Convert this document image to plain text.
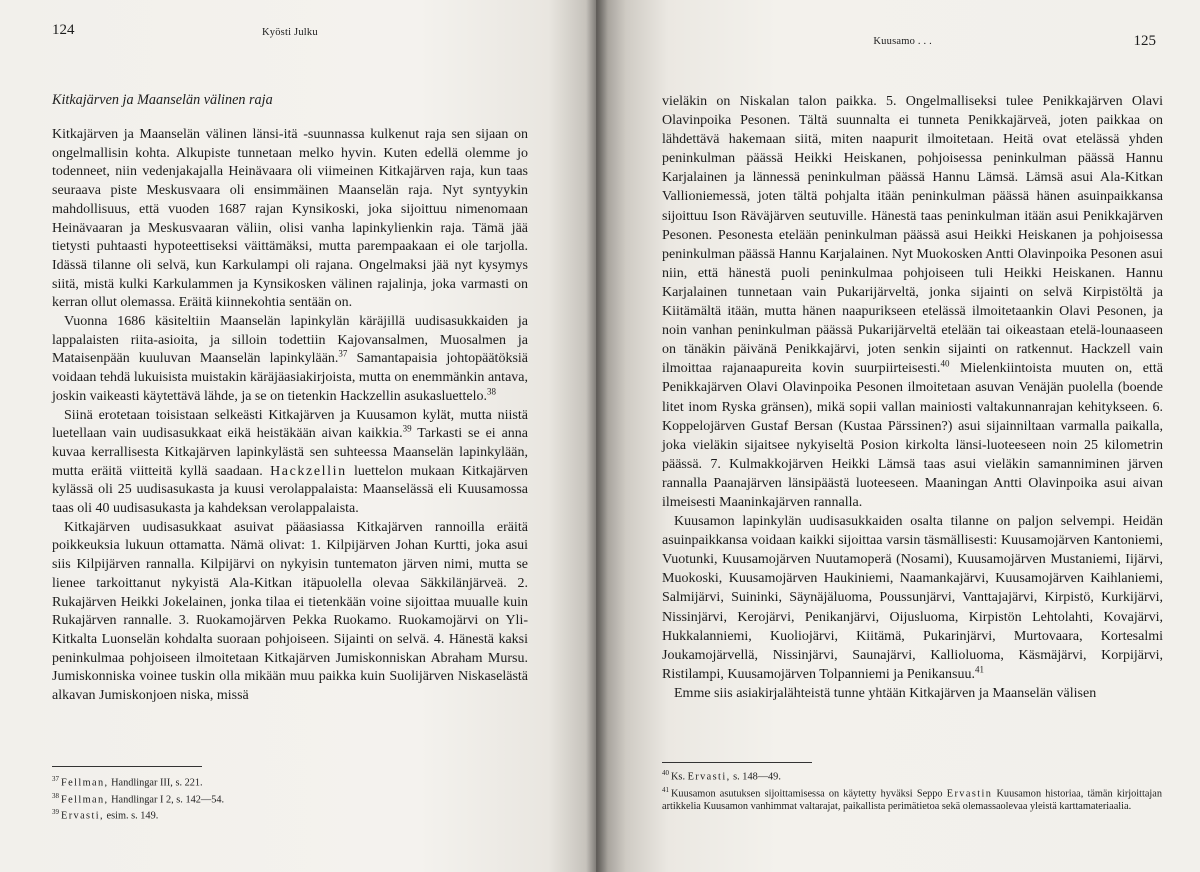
124	Kyösti Julku
Kitkajärven ja Maanselän välinen raja

Kitkajärven ja Maanselän välinen länsi-itä -suunnassa kulkenut raja sen sijaan on ongelmallisin kohta. Alkupiste tunnetaan melko hyvin. Kuten edellä olemme jo todenneet, niin vedenjakajalla Heinävaara oli viimeinen Kitkajärven raja, kun taas seuraava piste Meskusvaara oli ensimmäinen Maanselän raja. Nyt syntyykin mahdollisuus, että vuoden 1687 rajan Kynsikoski, joka sijoittuu nimenomaan Heinävaaran ja Meskusvaaran väliin, olisi vanha lapinkylienkin raja. Tämä jää tietysti puhtaasti hypoteettiseksi väittämäksi, mutta parempaakaan ei ole tarjolla. Idässä tilanne oli selvä, kun Karkulampi oli rajana. Ongelmaksi jää nyt kysymys siitä, mistä kulki Karkulammen ja Kynsikosken välinen rajalinja, joka varmasti on kerran ollut olemassa. Eräitä kiinnekohtia sentään on.

Vuonna 1686 käsiteltiin Maanselän lapinkylän käräjillä uudisasukkaiden ja lappalaisten riita-asioita, ja silloin todettiin Kajovansalmen, Muosalmen ja Mataisenpään kuuluvan Maanselän lapinkylään.$^{37}$ Samantapaisia johtopäätöksiä voidaan tehdä lukuisista muistakin käräjäasiakirjoista, mutta on enemmänkin antava, joskin vaikeasti käytettävä lähde, ja se on tietenkin Hackzellin asukasluettelo.$^{38}$

Siinä erotetaan toisistaan selkeästi Kitkajärven ja Kuusamon kylät, mutta niistä luetellaan vain uudisasukkaat eikä heistäkään aivan kaikkia.$^{39}$ Tarkasti se ei anna kuvaa kerrallisesta Kitkajärven lapinkylästä sen suhteessa Maanselän lapinkylään, mutta eräitä viitteitä kyllä saadaan. Hackzellin luettelon mukaan Kitkajärven kylässä oli 25 uudisasukasta ja kuusi verolappalaista: Maanselässä eli Kuusamossa taas oli 40 uudisasukasta ja kahdeksan verolappalaista.

Kitkajärven uudisasukkaat asuivat pääasiassa Kitkajärven rannoilla eräitä poikkeuksia lukuun ottamatta. Nämä olivat: 1. Kilpijärven Johan Kurtti, joka asui siis Kilpijärven rannalla. Kilpijärvi on nykyisin tuntematon järven nimi, mutta se lienee tarkoittanut nykyistä Ala-Kitkan itäpuolella olevaa Säkkilänjärveä. 2. Rukajärven Heikki Jokelainen, jonka tilaa ei tietenkään voine sijoittaa muualle kuin Rukajärven rannalle. 3. Ruokamojärven Pekka Ruokamo. Ruokamojärvi on Yli-Kitkalta Luonselän kohdalta suoraan pohjoiseen. Sijainti on selvä. 4. Hänestä kaksi peninkulmaa pohjoiseen ilmoitetaan Kitkajärven Jumiskonniskan Abraham Mursu. Jumiskonniska voinee tuskin olla mikään muu paikka kuin Suolijärven Niskaselästä alkavan Jumiskonjoen niska, missä

$^{37}$ Fellman, Handlingar III, s. 221.

$^{38}$ Fellman, Handlingar I 2, s. 142—54.

$^{39}$ Ervasti, esim. s. 149.

Kuusamo . . .	125

vieläkin on Niskalan talon paikka. 5. Ongelmalliseksi tulee Penikkajärven Olavi Olavinpoika Pesonen. Tältä suunnalta ei tunneta Penikkajärveä, joten paikkaa on lähdettävä hakemaan siitä, miten naapurit ilmoitetaan. Heitä ovat etelässä yhden peninkulman päässä Heikki Heiskanen, pohjoisessa peninkulman päässä Hannu Karjalainen ja lännessä peninkulman päässä Hannu Lämsä. Lämsä asui Ala-Kitkan Vallioniemessä, joten tältä pohjalta itään peninkulman päässä hänen asuinpaikkansa sijoittuu Ison Räväjärven seutuville. Hänestä taas peninkulman itään asui Penikkajärven Pesonen. Pesonesta etelään peninkulman päässä asui Heikki Heiskanen ja pohjoisessa peninkulman päässä Hannu Karjalainen. Nyt Muokosken Antti Olavinpoika Pesonen asui niin, että hänestä puoli peninkulmaa pohjoiseen tuli Heikki Heiskanen. Hannu Karjalainen tunnetaan vain Pukarijärveltä, jonka sijainti on selvä Kirpistöltä ja Kiitämältä itään, mutta hänen naapurikseen etelässä ilmoitetaankin Olavi Pesonen, ja noin vanhan peninkulman päässä Pukarijärveltä etelään tai oikeastaan etelä-lounaaseen on tänäkin päivänä Penikkajärvi, joten senkin sijainti on ratkennut. Hackzell vain ilmoittaa rajanaapureita kovin suurpiirteisesti.$^{40}$ Mielenkiintoista muuten on, että Penikkajärven Olavi Olavinpoika Pesonen ilmoitetaan asuvan Venäjän puolella (boende litet inom Ryska gränsen), mikä sopii vallan mainiosti valtakunnanrajan kehitykseen. 6. Koppelojärven Gustaf Bersan (Kustaa Pärssinen?) asui sijainniltaan varmalla paikalla, joka vieläkin sijaitsee nykyiseltä Posion kirkolta länsi-luoteeseen noin 25 kilometrin päässä. 7. Kulmakkojärven Heikki Lämsä taas asui vieläkin samanniminen järven rannalla Paanajärven länsipäästä luoteeseen. Maaningan Antti Olavinpoika asui aivan ilmeisesti Maaninkajärven rannalla.

Kuusamon lapinkylän uudisasukkaiden osalta tilanne on paljon selvempi. Heidän asuinpaikkansa voidaan kaikki sijoittaa varsin täsmällisesti: Kuusamojärven Kantoniemi, Vuotunki, Kuusamojärven Nuutamoperä (Nosami), Kuusamojärven Mustaniemi, Iijärvi, Muokoski, Kuusamojärven Haukiniemi, Naamankajärvi, Kuusamojärven Kaihlaniemi, Salmijärvi, Suininki, Säynäjäluoma, Poussunjärvi, Vanttajajärvi, Kirpistö, Kurkijärvi, Nissinjärvi, Kerojärvi, Penikanjärvi, Oijusluoma, Kirpistön Lehtolahti, Kovajärvi, Hukkalanniemi, Kuoliojärvi, Kiitämä, Pukarinjärvi, Murtovaara, Kortesalmi Joukamojärvellä, Nissinjärvi, Saunajärvi, Kallioluoma, Käsmäjärvi, Korpijärvi, Ristilampi, Kuusamojärven Tolpanniemi ja Penikansuu.$^{41}$

Emme siis asiakirjalähteistä tunne yhtään Kitkajärven ja Maanselän välisen

$^{40}$ Ks. Ervasti, s. 148—49.

$^{41}$ Kuusamon asutuksen sijoittamisessa on käytetty hyväksi Seppo Ervastin Kuusamon historiaa, tämän kirjoittajan artikkelia Kuusamon vanhimmat valtarajat, paikallista perimätietoa sekä olemassaolevaa yleistä karttamateriaalia.
